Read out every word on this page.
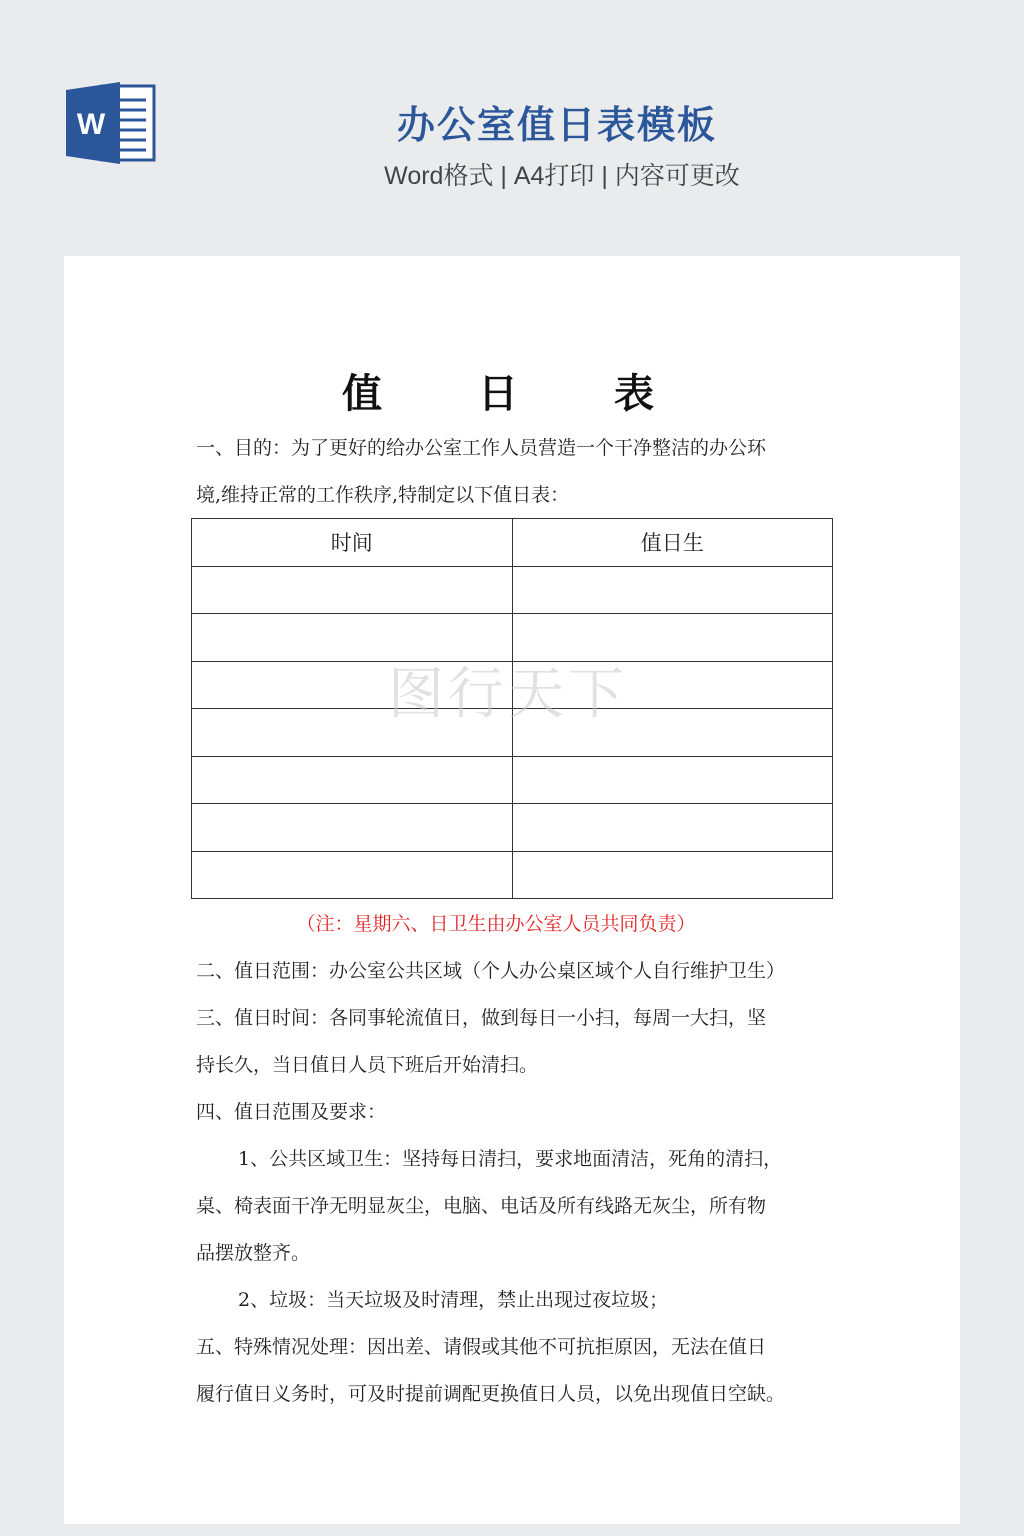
W	办公室值日表模板
Word格式 | A4打印 | 内容可更改
值　日　表
一、目的：为了更好的给办公室工作人员营造一个干净整洁的办公环
境,维持正常的工作秩序,特制定以下值日表：
时间	值日生

图行天下
（注：星期六、日卫生由办公室人员共同负责）
二、值日范围：办公室公共区域（个人办公桌区域个人自行维护卫生）
三、值日时间：各同事轮流值日，做到每日一小扫，每周一大扫，坚
持长久，当日值日人员下班后开始清扫。
四、值日范围及要求：
1、公共区域卫生：坚持每日清扫，要求地面清洁，死角的清扫，
桌、椅表面干净无明显灰尘，电脑、电话及所有线路无灰尘，所有物
品摆放整齐。
2、垃圾：当天垃圾及时清理，禁止出现过夜垃圾；
五、特殊情况处理：因出差、请假或其他不可抗拒原因，无法在值日
履行值日义务时，可及时提前调配更换值日人员，以免出现值日空缺。
